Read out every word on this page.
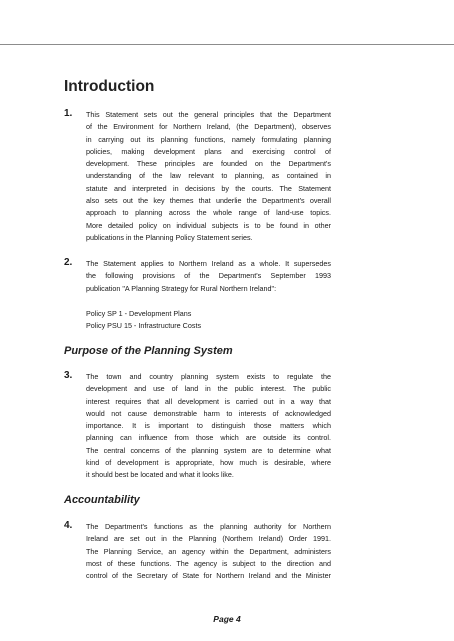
Introduction
1. This Statement sets out the general principles that the Department
of the Environment for Northern Ireland, (the Department), observes
in carrying out its planning functions, namely formulating planning
policies, making development plans and exercising control of
development. These principles are founded on the Department's
understanding of the law relevant to planning, as contained in
statute and interpreted in decisions by the courts. The Statement
also sets out the key themes that underlie the Department's overall
approach to planning across the whole range of land-use topics.
More detailed policy on individual subjects is to be found in other
publications in the Planning Policy Statement series.
2. The Statement applies to Northern Ireland as a whole. It supersedes
the following provisions of the Department's September 1993
publication "A Planning Strategy for Rural Northern Ireland":
Policy SP 1 - Development Plans
Policy PSU 15 - Infrastructure Costs
Purpose of the Planning System
3. The town and country planning system exists to regulate the
development and use of land in the public interest. The public
interest requires that all development is carried out in a way that
would not cause demonstrable harm to interests of acknowledged
importance. It is important to distinguish those matters which
planning can influence from those which are outside its control.
The central concerns of the planning system are to determine what
kind of development is appropriate, how much is desirable, where
it should best be located and what it looks like.
Accountability
4. The Department's functions as the planning authority for Northern
Ireland are set out in the Planning (Northern Ireland) Order 1991.
The Planning Service, an agency within the Department, administers
most of these functions. The agency is subject to the direction and
control of the Secretary of State for Northern Ireland and the Minister
Page 4
